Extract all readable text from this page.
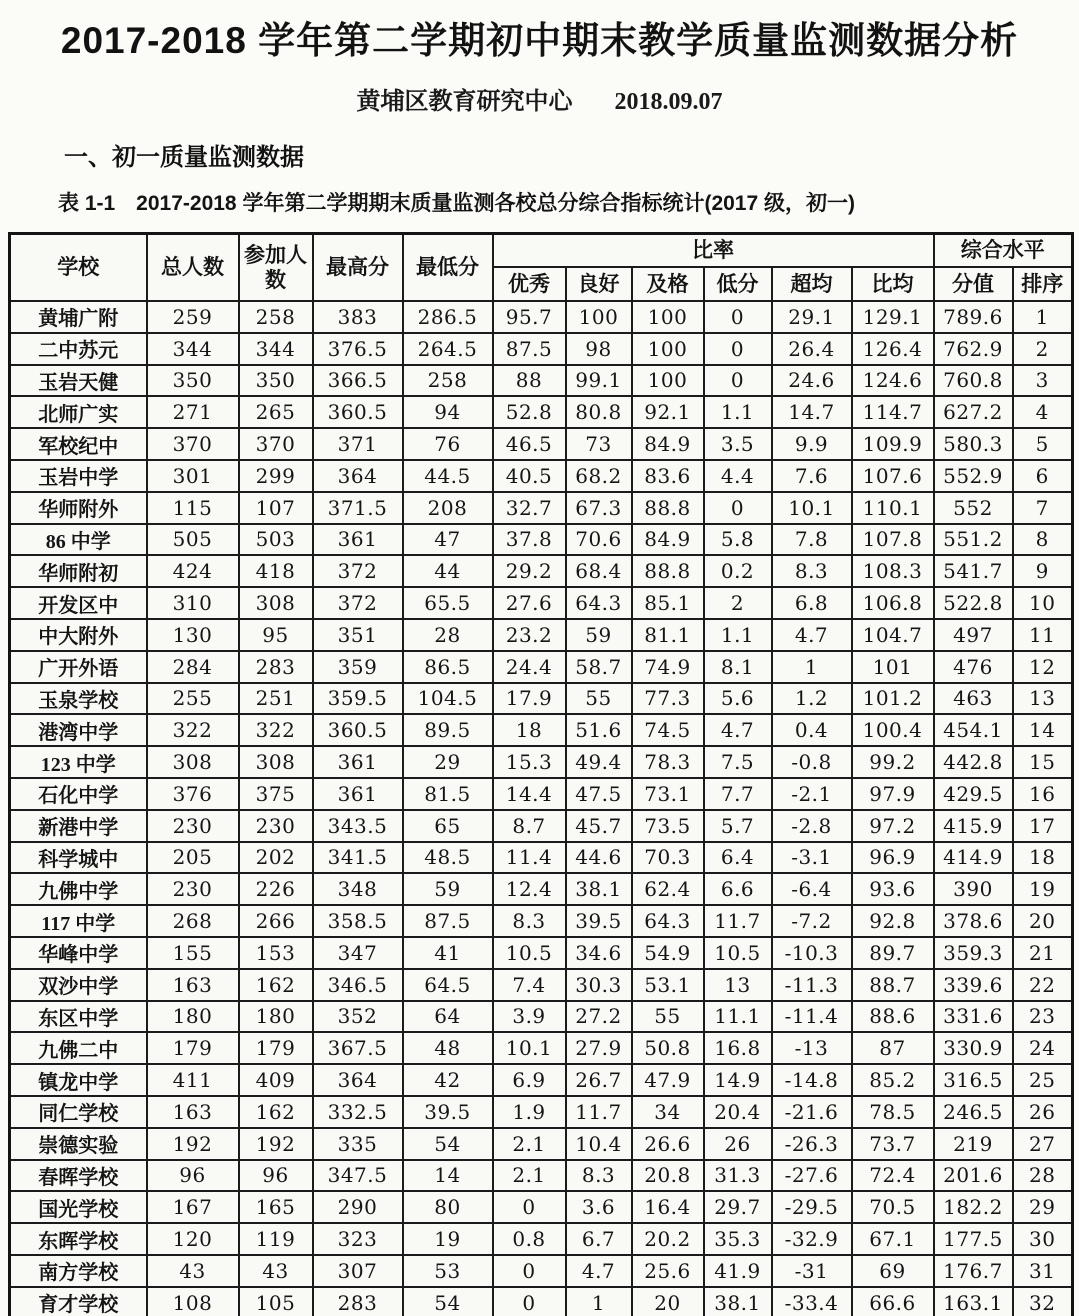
2017-2018 学年第二学期初中期末教学质量监测数据分析
黄埔区教育研究中心 2018.09.07
一、初一质量监测数据
表 1-1　2017-2018 学年第二学期期末质量监测各校总分综合指标统计(2017 级，初一)
学校	总人数	参加人数	最高分	最低分	比率						综合水平	
					优秀	良好	及格	低分	超均	比均	分值	排序
黄埔广附	259	258	383	286.5	95.7	100	100	0	29.1	129.1	789.6	1
二中苏元	344	344	376.5	264.5	87.5	98	100	0	26.4	126.4	762.9	2
玉岩天健	350	350	366.5	258	88	99.1	100	0	24.6	124.6	760.8	3
北师广实	271	265	360.5	94	52.8	80.8	92.1	1.1	14.7	114.7	627.2	4
军校纪中	370	370	371	76	46.5	73	84.9	3.5	9.9	109.9	580.3	5
玉岩中学	301	299	364	44.5	40.5	68.2	83.6	4.4	7.6	107.6	552.9	6
华师附外	115	107	371.5	208	32.7	67.3	88.8	0	10.1	110.1	552	7
86 中学	505	503	361	47	37.8	70.6	84.9	5.8	7.8	107.8	551.2	8
华师附初	424	418	372	44	29.2	68.4	88.8	0.2	8.3	108.3	541.7	9
开发区中	310	308	372	65.5	27.6	64.3	85.1	2	6.8	106.8	522.8	10
中大附外	130	95	351	28	23.2	59	81.1	1.1	4.7	104.7	497	11
广开外语	284	283	359	86.5	24.4	58.7	74.9	8.1	1	101	476	12
玉泉学校	255	251	359.5	104.5	17.9	55	77.3	5.6	1.2	101.2	463	13
港湾中学	322	322	360.5	89.5	18	51.6	74.5	4.7	0.4	100.4	454.1	14
123 中学	308	308	361	29	15.3	49.4	78.3	7.5	-0.8	99.2	442.8	15
石化中学	376	375	361	81.5	14.4	47.5	73.1	7.7	-2.1	97.9	429.5	16
新港中学	230	230	343.5	65	8.7	45.7	73.5	5.7	-2.8	97.2	415.9	17
科学城中	205	202	341.5	48.5	11.4	44.6	70.3	6.4	-3.1	96.9	414.9	18
九佛中学	230	226	348	59	12.4	38.1	62.4	6.6	-6.4	93.6	390	19
117 中学	268	266	358.5	87.5	8.3	39.5	64.3	11.7	-7.2	92.8	378.6	20
华峰中学	155	153	347	41	10.5	34.6	54.9	10.5	-10.3	89.7	359.3	21
双沙中学	163	162	346.5	64.5	7.4	30.3	53.1	13	-11.3	88.7	339.6	22
东区中学	180	180	352	64	3.9	27.2	55	11.1	-11.4	88.6	331.6	23
九佛二中	179	179	367.5	48	10.1	27.9	50.8	16.8	-13	87	330.9	24
镇龙中学	411	409	364	42	6.9	26.7	47.9	14.9	-14.8	85.2	316.5	25
同仁学校	163	162	332.5	39.5	1.9	11.7	34	20.4	-21.6	78.5	246.5	26
崇德实验	192	192	335	54	2.1	10.4	26.6	26	-26.3	73.7	219	27
春晖学校	96	96	347.5	14	2.1	8.3	20.8	31.3	-27.6	72.4	201.6	28
国光学校	167	165	290	80	0	3.6	16.4	29.7	-29.5	70.5	182.2	29
东晖学校	120	119	323	19	0.8	6.7	20.2	35.3	-32.9	67.1	177.5	30
南方学校	43	43	307	53	0	4.7	25.6	41.9	-31	69	176.7	31
育才学校	108	105	283	54	0	1	20	38.1	-33.4	66.6	163.1	32
